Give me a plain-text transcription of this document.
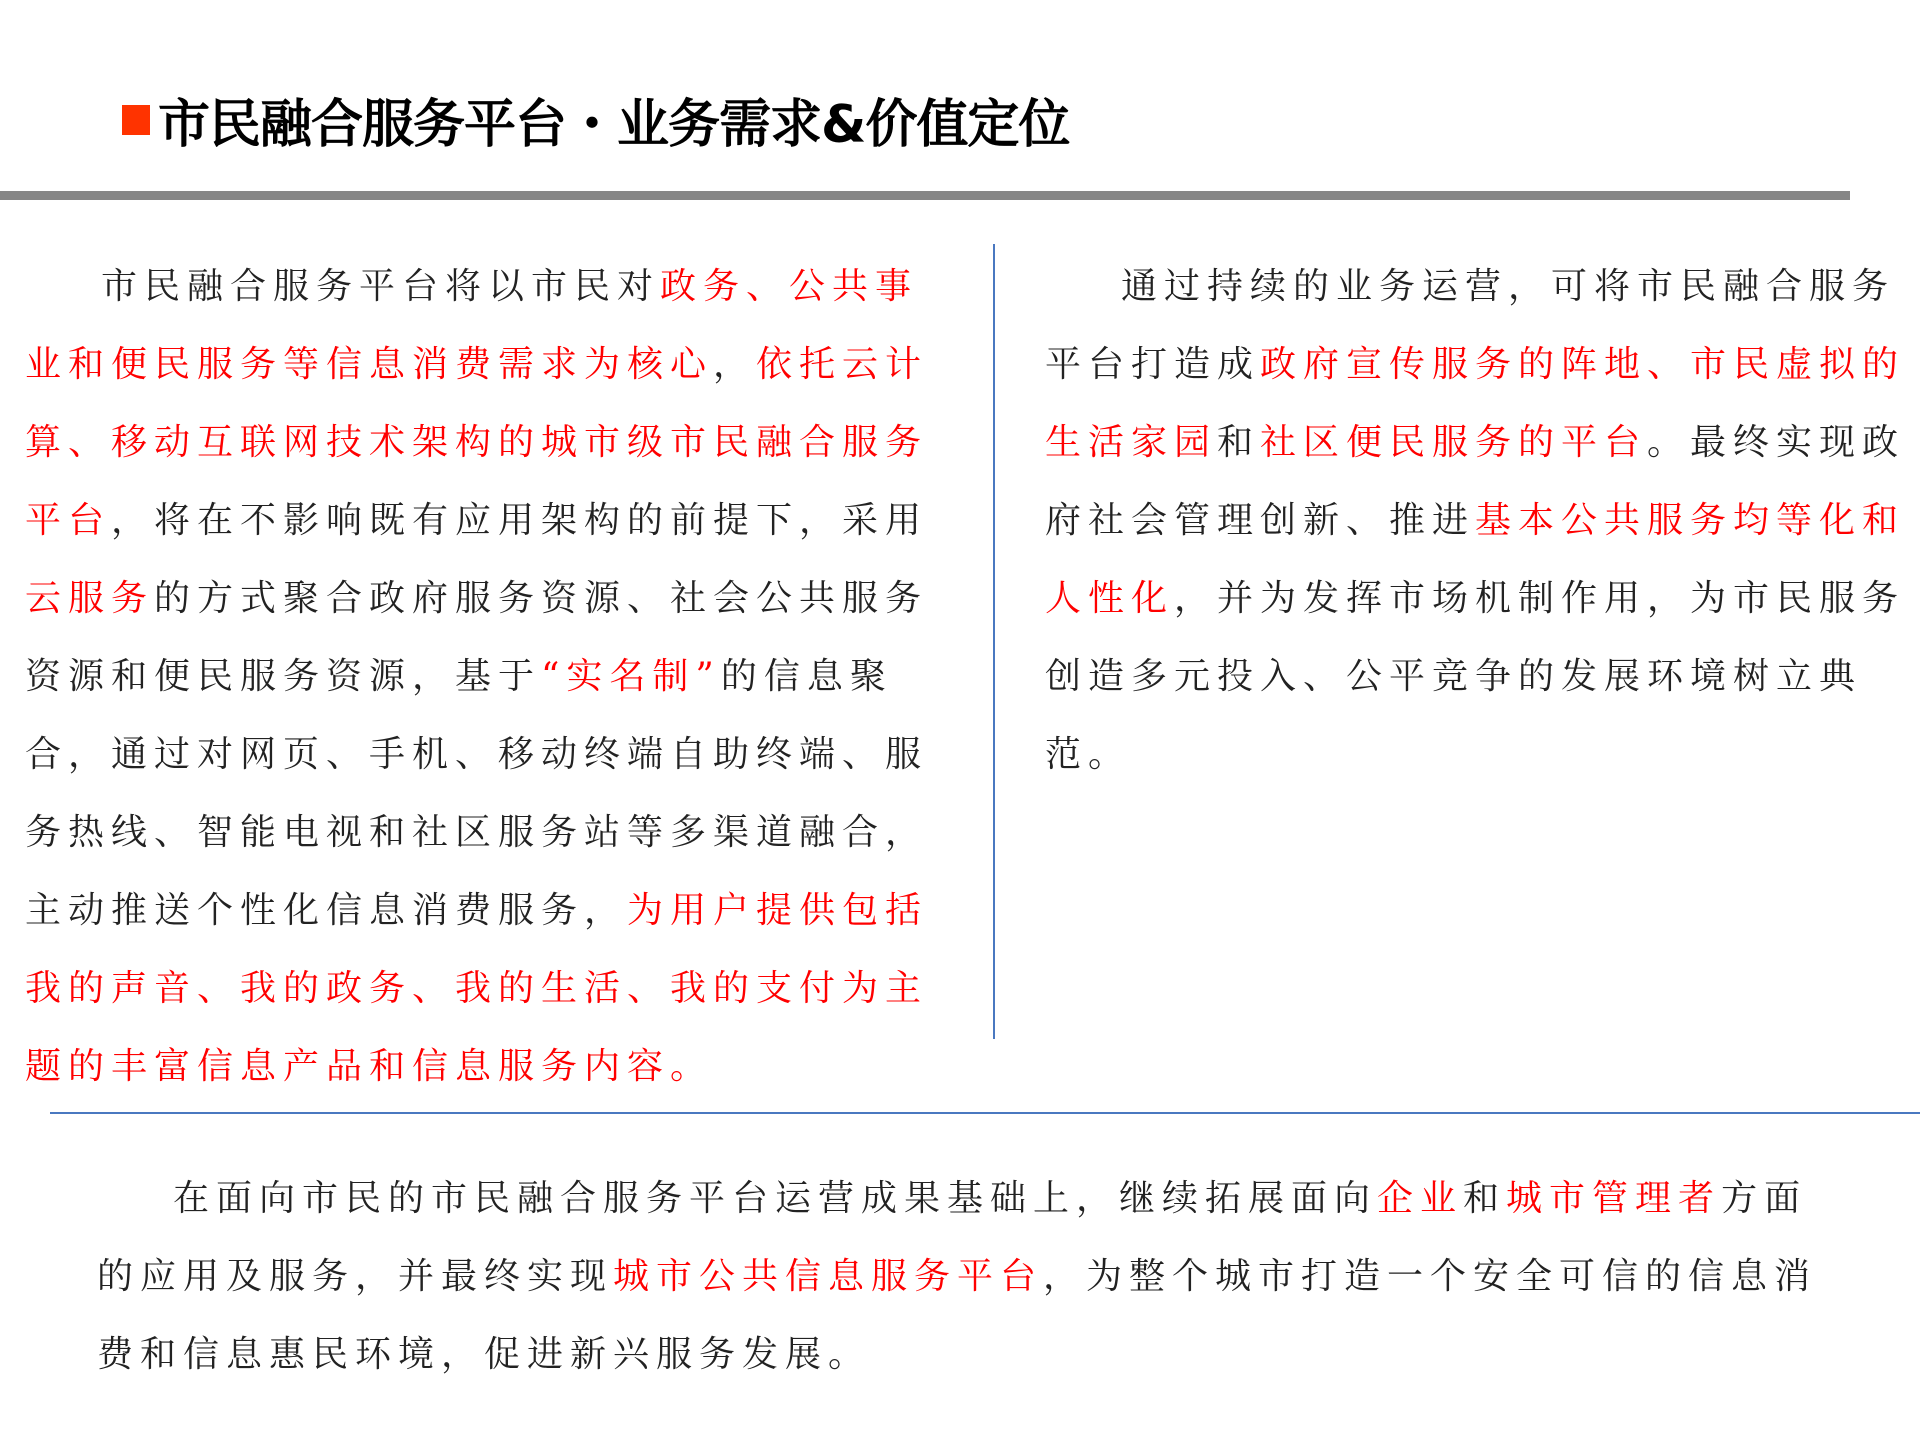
市民融合服务平台・业务需求&价值定位
市民融合服务平台将以市民对政务、公共事业和便民服务等信息消费需求为核心，依托云计算、移动互联网技术架构的城市级市民融合服务平台，将在不影响既有应用架构的前提下，采用云服务的方式聚合政府服务资源、社会公共服务资源和便民服务资源，基于“实名制”的信息聚合，通过对网页、手机、移动终端自助终端、服务热线、智能电视和社区服务站等多渠道融合，主动推送个性化信息消费服务，为用户提供包括我的声音、我的政务、我的生活、我的支付为主题的丰富信息产品和信息服务内容。
通过持续的业务运营，可将市民融合服务平台打造成政府宣传服务的阵地、市民虚拟的生活家园和社区便民服务的平台。最终实现政府社会管理创新、推进基本公共服务均等化和人性化，并为发挥市场机制作用，为市民服务创造多元投入、公平竞争的发展环境树立典范。
在面向市民的市民融合服务平台运营成果基础上，继续拓展面向企业和城市管理者方面的应用及服务，并最终实现城市公共信息服务平台，为整个城市打造一个安全可信的信息消费和信息惠民环境，促进新兴服务发展。
